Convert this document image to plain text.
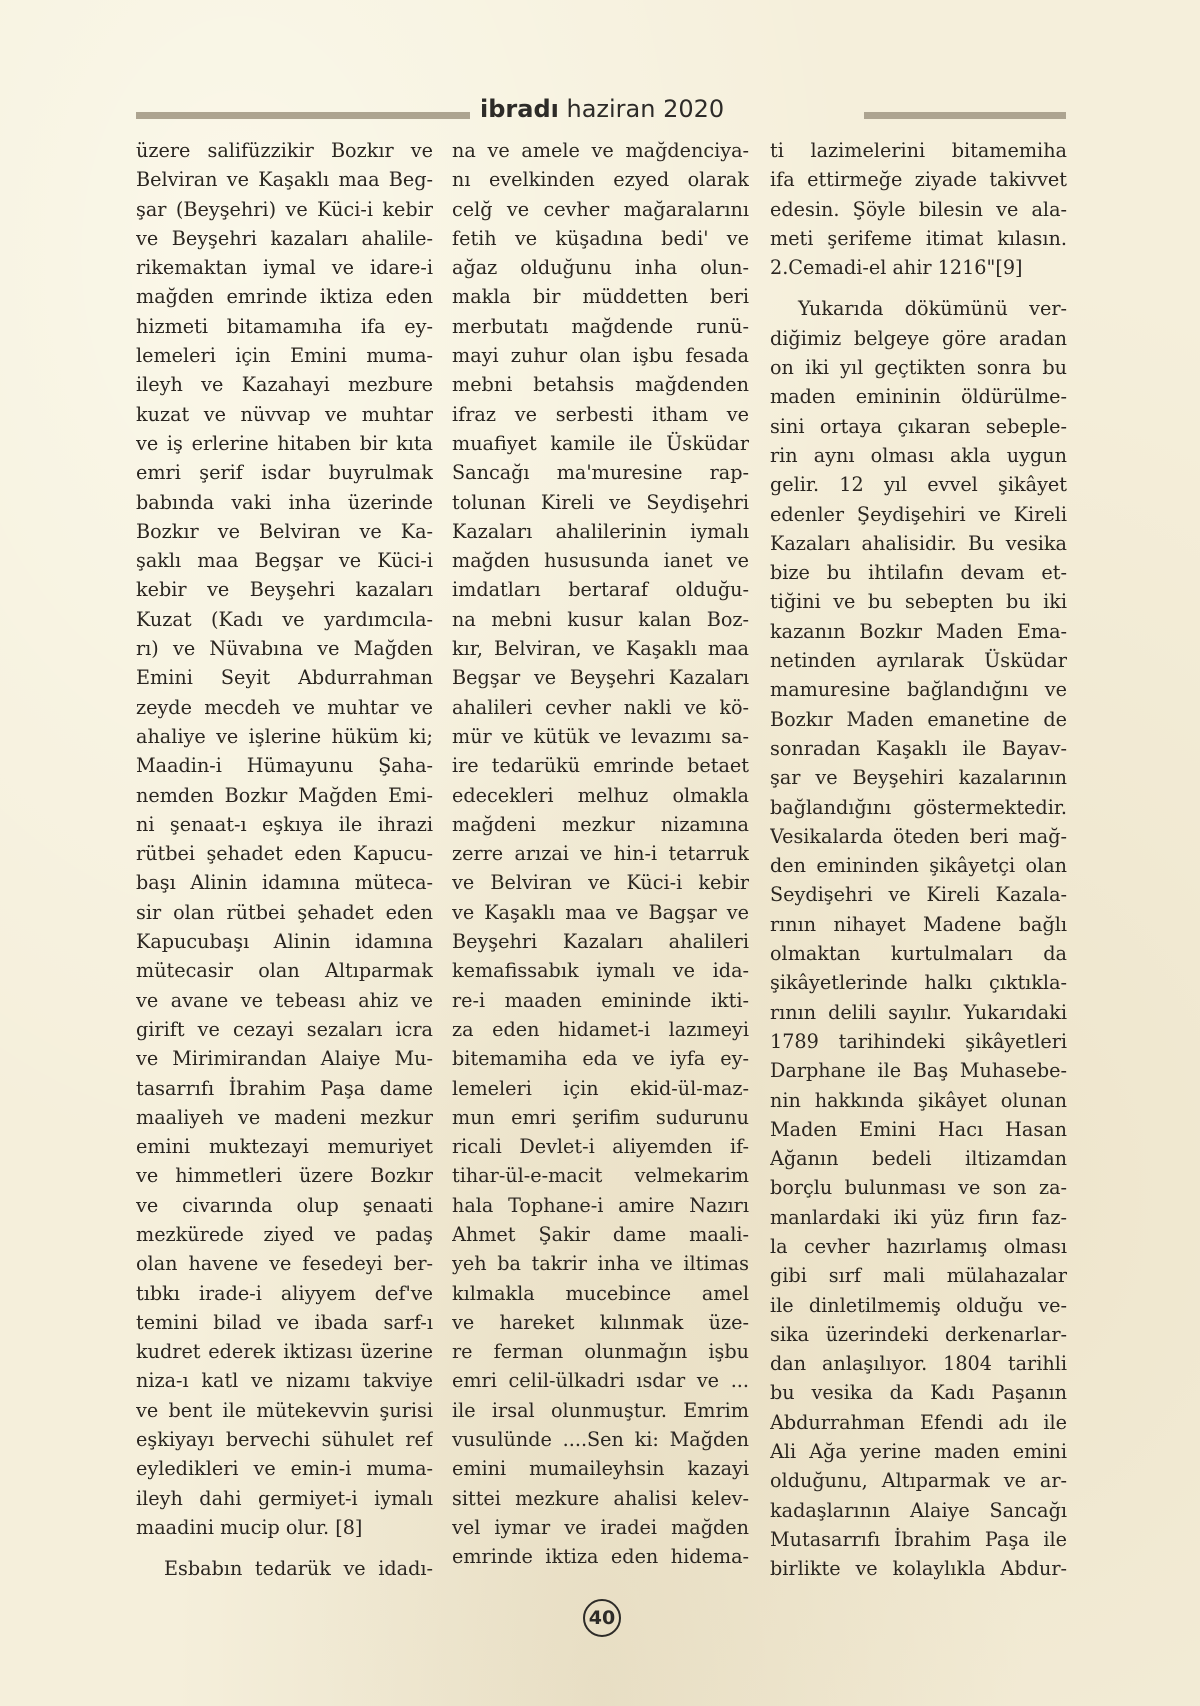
ibradı haziran 2020
üzere salifüzzikir Bozkır ve
Belviran ve Kaşaklı maa Beg-
şar (Beyşehri) ve Küci-i kebir
ve Beyşehri kazaları ahalile-
rikemaktan iymal ve idare-i
mağden emrinde iktiza eden
hizmeti bitamamıha ifa ey-
lemeleri için Emini muma-
ileyh ve Kazahayi mezbure
kuzat ve nüvvap ve muhtar
ve iş erlerine hitaben bir kıta
emri şerif isdar buyrulmak
babında vaki inha üzerinde
Bozkır ve Belviran ve Ka-
şaklı maa Begşar ve Küci-i
kebir ve Beyşehri kazaları
Kuzat (Kadı ve yardımcıla-
rı) ve Nüvabına ve Mağden
Emini Seyit Abdurrahman
zeyde mecdeh ve muhtar ve
ahaliye ve işlerine hüküm ki;
Maadin-i Hümayunu Şaha-
nemden Bozkır Mağden Emi-
ni şenaat-ı eşkıya ile ihrazi
rütbei şehadet eden Kapucu-
başı Alinin idamına müteca-
sir olan rütbei şehadet eden
Kapucubaşı Alinin idamına
mütecasir olan Altıparmak
ve avane ve tebeası ahiz ve
girift ve cezayi sezaları icra
ve Mirimirandan Alaiye Mu-
tasarrıfı İbrahim Paşa dame
maaliyeh ve madeni mezkur
emini muktezayi memuriyet
ve himmetleri üzere Bozkır
ve civarında olup şenaati
mezkürede ziyed ve padaş
olan havene ve fesedeyi ber-
tıbkı irade-i aliyyem def've
temini bilad ve ibada sarf-ı
kudret ederek iktizası üzerine
niza-ı katl ve nizamı takviye
ve bent ile mütekevvin şurisi
eşkiyayı bervechi sühulet ref
eyledikleri ve emin-i muma-
ileyh dahi germiyet-i iymalı
maadini mucip olur. [8]
Esbabın tedarük ve idadı-
na ve amele ve mağdenciya-
nı evelkinden ezyed olarak
celğ ve cevher mağaralarını
fetih ve küşadına bedi' ve
ağaz olduğunu inha olun-
makla bir müddetten beri
merbutatı mağdende runü-
mayi zuhur olan işbu fesada
mebni betahsis mağdenden
ifraz ve serbesti itham ve
muafiyet kamile ile Üsküdar
Sancağı ma'muresine rap-
tolunan Kireli ve Seydişehri
Kazaları ahalilerinin iymalı
mağden hususunda ianet ve
imdatları bertaraf olduğu-
na mebni kusur kalan Boz-
kır, Belviran, ve Kaşaklı maa
Begşar ve Beyşehri Kazaları
ahalileri cevher nakli ve kö-
mür ve kütük ve levazımı sa-
ire tedarükü emrinde betaet
edecekleri melhuz olmakla
mağdeni mezkur nizamına
zerre arızai ve hin-i tetarruk
ve Belviran ve Küci-i kebir
ve Kaşaklı maa ve Bagşar ve
Beyşehri Kazaları ahalileri
kemafissabık iymalı ve ida-
re-i maaden emininde ikti-
za eden hidamet-i lazımeyi
bitemamiha eda ve iyfa ey-
lemeleri için ekid-ül-maz-
mun emri şerifim sudurunu
ricali Devlet-i aliyemden if-
tihar-ül-e-macit velmekarim
hala Tophane-i amire Nazırı
Ahmet Şakir dame maali-
yeh ba takrir inha ve iltimas
kılmakla mucebince amel
ve hareket kılınmak üze-
re ferman olunmağın işbu
emri celil-ülkadri ısdar ve ...
ile irsal olunmuştur. Emrim
vusulünde ....Sen ki: Mağden
emini mumaileyhsin kazayi
sittei mezkure ahalisi kelev-
vel iymar ve iradei mağden
emrinde iktiza eden hidema-
ti lazimelerini bitamemiha
ifa ettirmeğe ziyade takivvet
edesin. Şöyle bilesin ve ala-
meti şerifeme itimat kılasın.
2.Cemadi-el ahir 1216"[9]
Yukarıda dökümünü ver-
diğimiz belgeye göre aradan
on iki yıl geçtikten sonra bu
maden emininin öldürülme-
sini ortaya çıkaran sebeple-
rin aynı olması akla uygun
gelir. 12 yıl evvel şikâyet
edenler Şeydişehiri ve Kireli
Kazaları ahalisidir. Bu vesika
bize bu ihtilafın devam et-
tiğini ve bu sebepten bu iki
kazanın Bozkır Maden Ema-
netinden ayrılarak Üsküdar
mamuresine bağlandığını ve
Bozkır Maden emanetine de
sonradan Kaşaklı ile Bayav-
şar ve Beyşehiri kazalarının
bağlandığını göstermektedir.
Vesikalarda öteden beri mağ-
den emininden şikâyetçi olan
Seydişehri ve Kireli Kazala-
rının nihayet Madene bağlı
olmaktan kurtulmaları da
şikâyetlerinde halkı çıktıkla-
rının delili sayılır. Yukarıdaki
1789 tarihindeki şikâyetleri
Darphane ile Baş Muhasebe-
nin hakkında şikâyet olunan
Maden Emini Hacı Hasan
Ağanın bedeli iltizamdan
borçlu bulunması ve son za-
manlardaki iki yüz fırın faz-
la cevher hazırlamış olması
gibi sırf mali mülahazalar
ile dinletilmemiş olduğu ve-
sika üzerindeki derkenarlar-
dan anlaşılıyor. 1804 tarihli
bu vesika da Kadı Paşanın
Abdurrahman Efendi adı ile
Ali Ağa yerine maden emini
olduğunu, Altıparmak ve ar-
kadaşlarının Alaiye Sancağı
Mutasarrıfı İbrahim Paşa ile
birlikte ve kolaylıkla Abdur-
40
